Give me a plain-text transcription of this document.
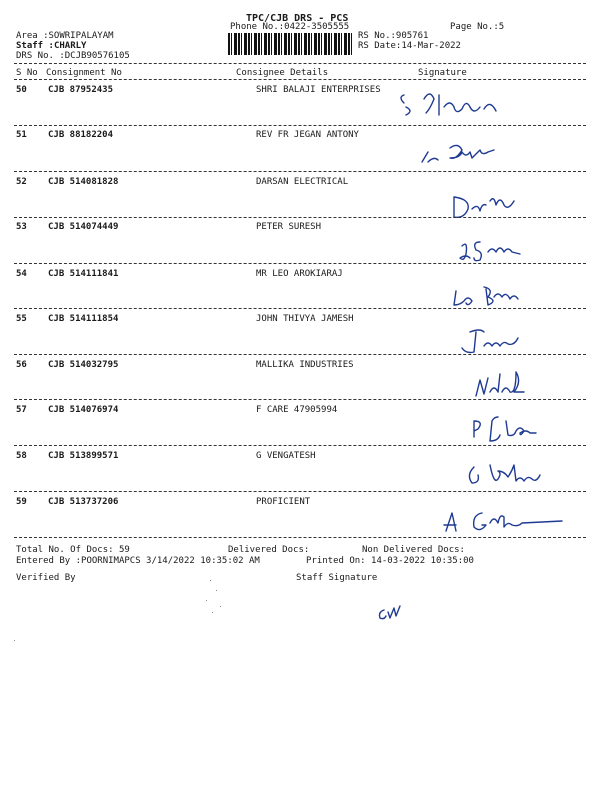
TPC/CJB DRS - PCS
Phone No.:0422-3505555	Page No.:5
Area :SOWRIPALAYAM
Staff :CHARLY
DRS No. :DCJB90576105
RS No.:905761
RS Date:14-Mar-2022
S No Consignment No	Consignee Details	Signature
50 CJB 87952435	SHRI BALAJI ENTERPRISES
51 CJB 88182204	REV FR JEGAN ANTONY
52 CJB 514081828	DARSAN ELECTRICAL
53 CJB 514074449	PETER SURESH
54 CJB 514111841	MR LEO AROKIARAJ
55 CJB 514111854	JOHN THIVYA JAMESH
56 CJB 514032795	MALLIKA INDUSTRIES
57 CJB 514076974	F CARE 47905994
58 CJB 513899571	G VENGATESH
59 CJB 513737206	PROFICIENT
Total No. Of Docs: 59	Delivered Docs:	Non Delivered Docs:
Entered By :POORNIMAPCS 3/14/2022 10:35:02 AM	Printed On: 14-03-2022 10:35:00
Verified By	Staff Signature
